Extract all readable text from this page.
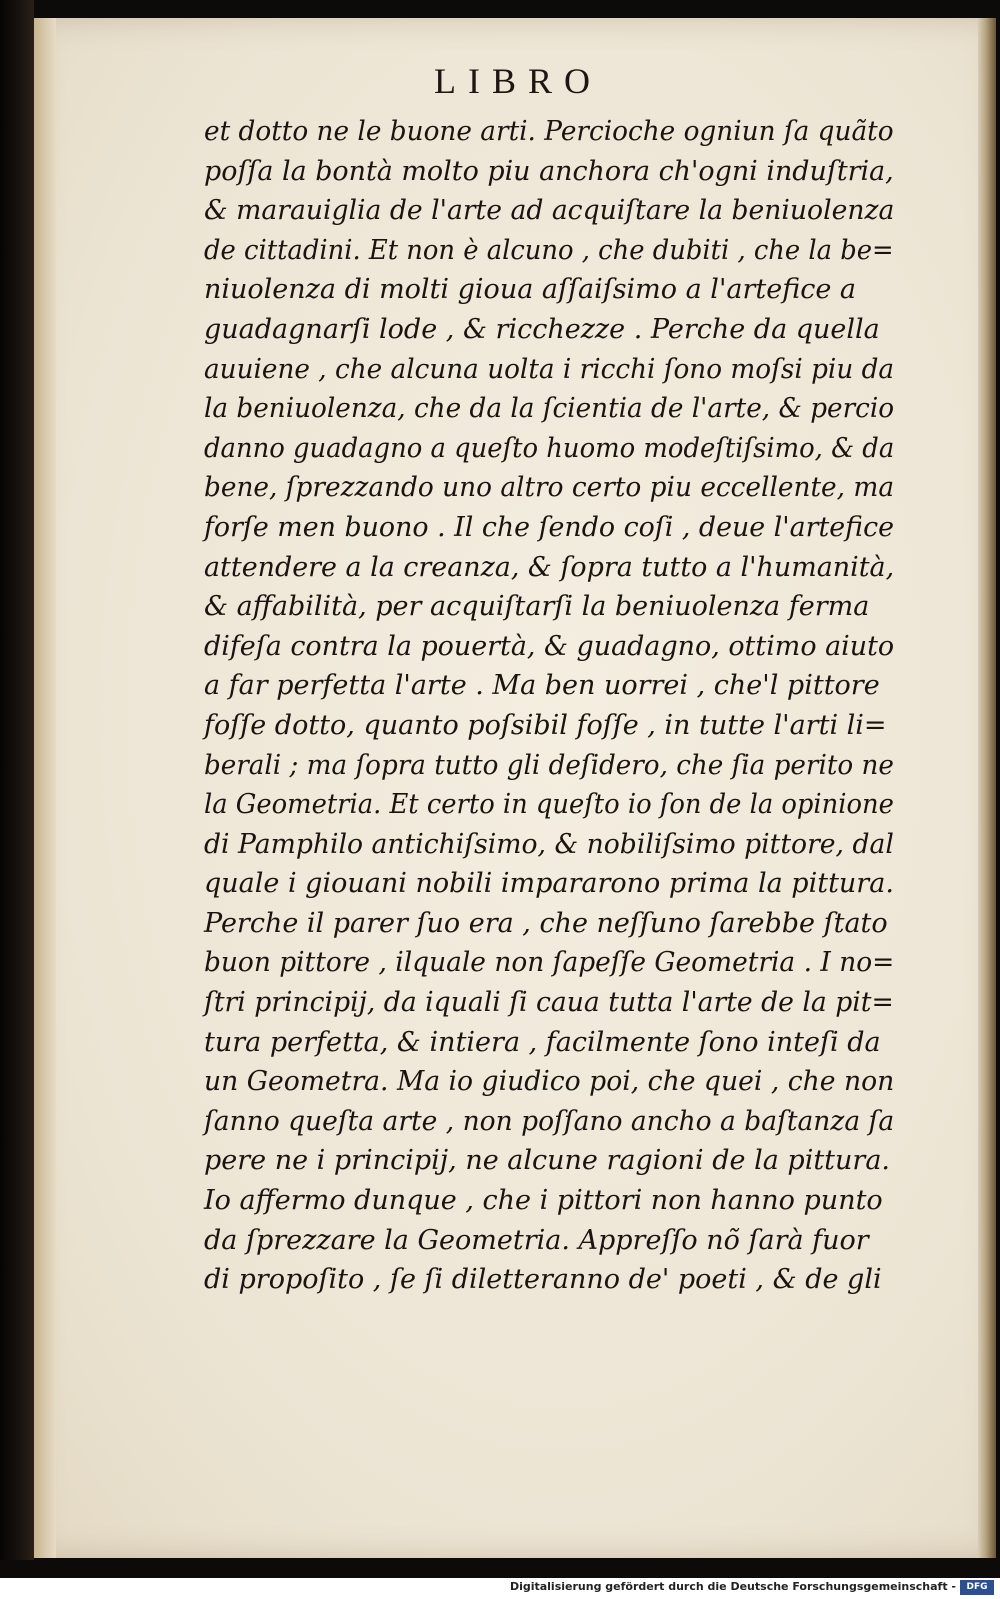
LIBRO
et dotto ne le buone arti. Percioche ogniun ſa quãto
poſſa la bontà molto piu anchora ch'ogni induſtria,
& marauiglia de l'arte ad acquiſtare la beniuolenza
de cittadini. Et non è alcuno , che dubiti , che la be=
niuolenza di molti gioua aſſaiſsimo a l'artefice a
guadagnarſi lode , & ricchezze . Perche da quella
auuiene , che alcuna uolta i ricchi ſono moſsi piu da
la beniuolenza, che da la ſcientia de l'arte, & percio
danno guadagno a queſto huomo modeſtiſsimo, & da
bene, ſprezzando uno altro certo piu eccellente, ma
forſe men buono . Il che ſendo coſi , deue l'artefice
attendere a la creanza, & ſopra tutto a l'humanità,
& affabilità, per acquiſtarſi la beniuolenza ferma
difeſa contra la pouertà, & guadagno, ottimo aiuto
a far perfetta l'arte . Ma ben uorrei , che'l pittore
foſſe dotto, quanto poſsibil foſſe , in tutte l'arti li=
berali ; ma ſopra tutto gli deſidero, che ſia perito ne
la Geometria. Et certo in queſto io ſon de la opinione
di Pamphilo antichiſsimo, & nobiliſsimo pittore, dal
quale i giouani nobili impararono prima la pittura.
Perche il parer ſuo era , che neſſuno ſarebbe ſtato
buon pittore , ilquale non ſapeſſe Geometria . I no=
ſtri principij, da iquali ſi caua tutta l'arte de la pit=
tura perfetta, & intiera , facilmente ſono inteſi da
un Geometra. Ma io giudico poi, che quei , che non
ſanno queſta arte , non poſſano ancho a baſtanza ſa
pere ne i principij, ne alcune ragioni de la pittura.
Io affermo dunque , che i pittori non hanno punto
da ſprezzare la Geometria. Appreſſo nõ ſarà fuor
di propoſito , ſe ſi diletteranno de' poeti , & de gli
Digitalisierung gefördert durch die Deutsche Forschungsgemeinschaft -	DFG
